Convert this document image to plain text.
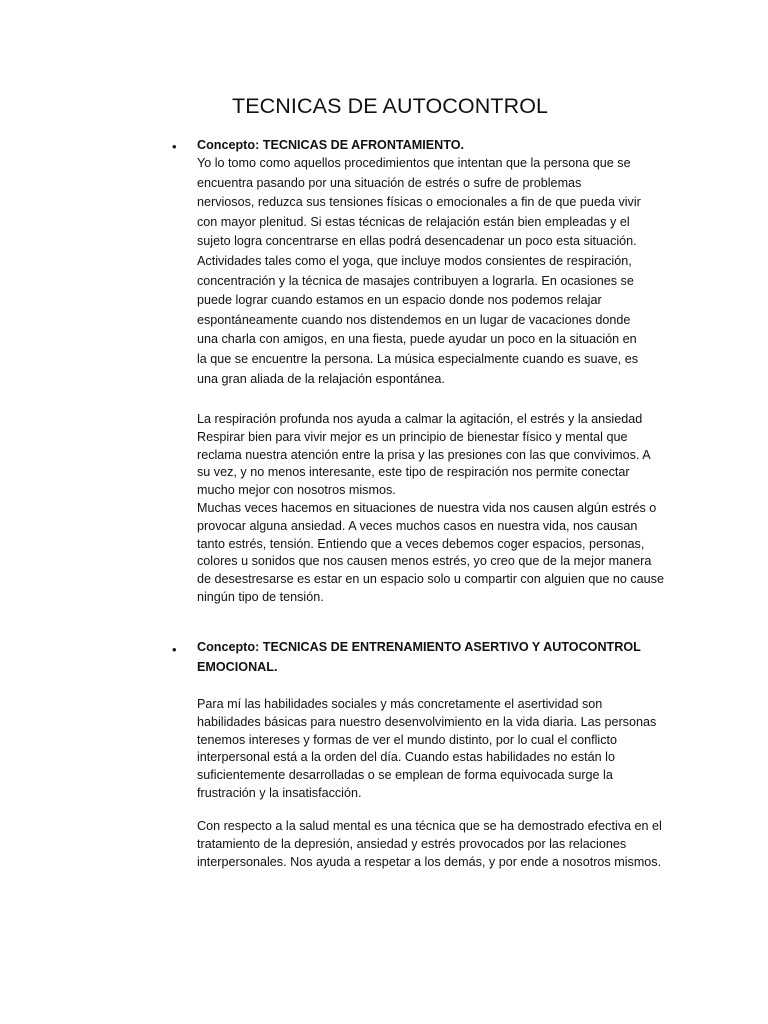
TECNICAS DE AUTOCONTROL
• Concepto: TECNICAS DE AFRONTAMIENTO.
Yo lo tomo como aquellos procedimientos que intentan que la persona que se
encuentra pasando por una situación de estrés o sufre de problemas
nerviosos, reduzca sus tensiones físicas o emocionales a fin de que pueda vivir
con mayor plenitud. Si estas técnicas de relajación están bien empleadas y el
sujeto logra concentrarse en ellas podrá desencadenar un poco esta situación.
Actividades tales como el yoga, que incluye modos consientes de respiración,
concentración y la técnica de masajes contribuyen a lograrla. En ocasiones se
puede lograr cuando estamos en un espacio donde nos podemos relajar
espontáneamente cuando nos distendemos en un lugar de vacaciones donde
una charla con amigos, en una fiesta, puede ayudar un poco en la situación en
la que se encuentre la persona. La música especialmente cuando es suave, es
una gran aliada de la relajación espontánea.
La respiración profunda nos ayuda a calmar la agitación, el estrés y la ansiedad
Respirar bien para vivir mejor es un principio de bienestar físico y mental que
reclama nuestra atención entre la prisa y las presiones con las que convivimos. A
su vez, y no menos interesante, este tipo de respiración nos permite conectar
mucho mejor con nosotros mismos.
Muchas veces hacemos en situaciones de nuestra vida nos causen algún estrés o
provocar alguna ansiedad. A veces muchos casos en nuestra vida, nos causan
tanto estrés, tensión. Entiendo que a veces debemos coger espacios, personas,
colores u sonidos que nos causen menos estrés, yo creo que de la mejor manera
de desestresarse es estar en un espacio solo u compartir con alguien que no cause
ningún tipo de tensión.
• Concepto: TECNICAS DE ENTRENAMIENTO ASERTIVO Y AUTOCONTROL
EMOCIONAL.
Para mí las habilidades sociales y más concretamente el asertividad son
habilidades básicas para nuestro desenvolvimiento en la vida diaria. Las personas
tenemos intereses y formas de ver el mundo distinto, por lo cual el conflicto
interpersonal está a la orden del día. Cuando estas habilidades no están lo
suficientemente desarrolladas o se emplean de forma equivocada surge la
frustración y la insatisfacción.
Con respecto a la salud mental es una técnica que se ha demostrado efectiva en el
tratamiento de la depresión, ansiedad y estrés provocados por las relaciones
interpersonales. Nos ayuda a respetar a los demás, y por ende a nosotros mismos.
